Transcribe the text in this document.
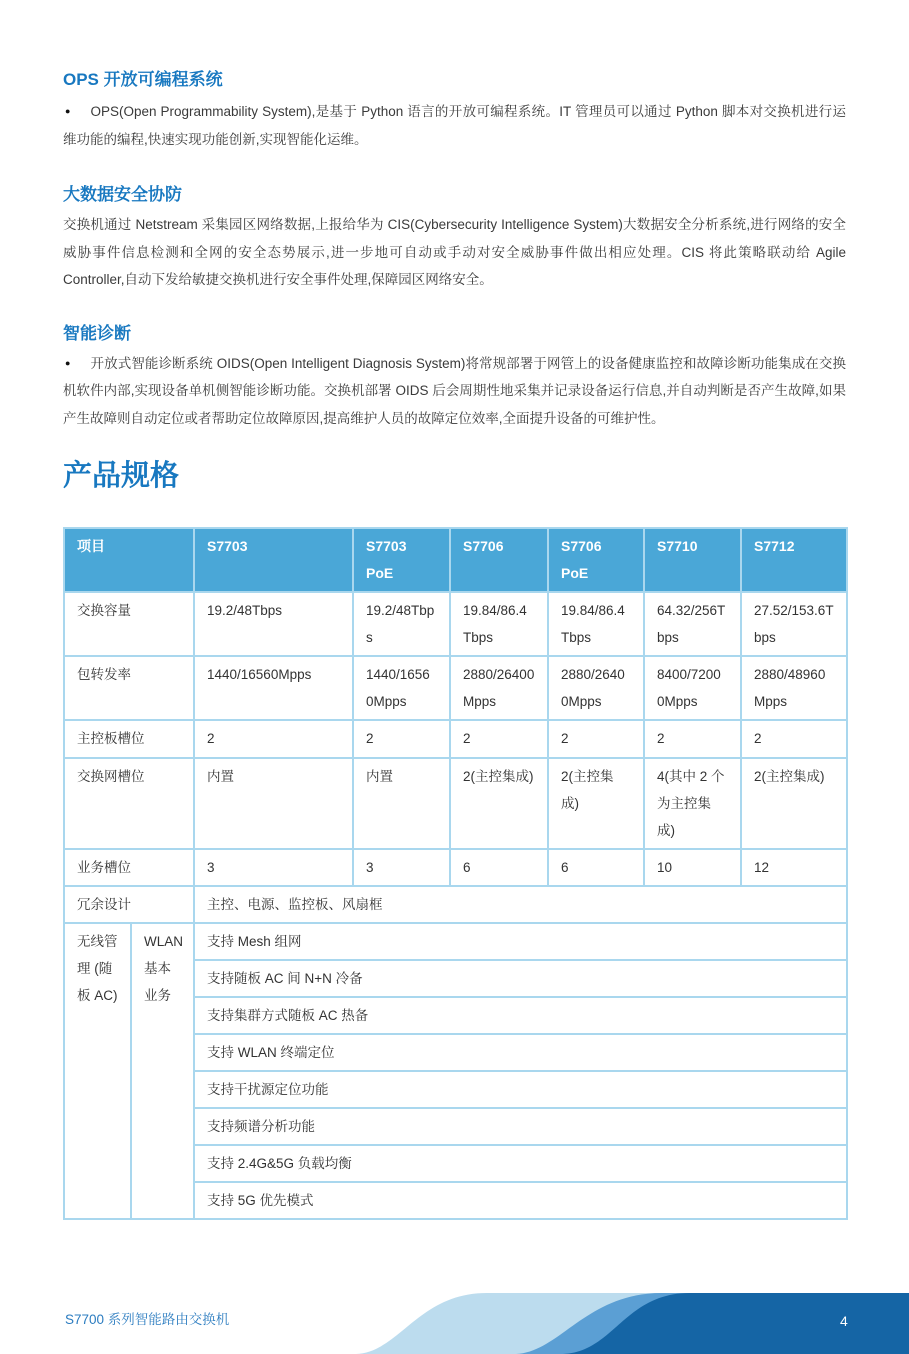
OPS 开放可编程系统

● OPS(Open Programmability System),是基于 Python 语言的开放可编程系统。IT 管理员可以通过 Python 脚本对交换机进行运维功能的编程,快速实现功能创新,实现智能化运维。

大数据安全协防

交换机通过 Netstream 采集园区网络数据,上报给华为 CIS(Cybersecurity Intelligence System)大数据安全分析系统,进行网络的安全威胁事件信息检测和全网的安全态势展示,进一步地可自动或手动对安全威胁事件做出相应处理。CIS 将此策略联动给 Agile Controller,自动下发给敏捷交换机进行安全事件处理,保障园区网络安全。

智能诊断

● 开放式智能诊断系统 OIDS(Open Intelligent Diagnosis System)将常规部署于网管上的设备健康监控和故障诊断功能集成在交换机软件内部,实现设备单机侧智能诊断功能。交换机部署 OIDS 后会周期性地采集并记录设备运行信息,并自动判断是否产生故障,如果产生故障则自动定位或者帮助定位故障原因,提高维护人员的故障定位效率,全面提升设备的可维护性。

产品规格
项目		S7703	S7703 PoE	S7706	S7706 PoE	S7710	S7712
交换容量		19.2/48Tbps	19.2/48Tbps	19.84/86.4Tbps	19.84/86.4Tbps	64.32/256Tbps	27.52/153.6Tbps
包转发率		1440/16560Mpps	1440/16560Mpps	2880/26400Mpps	2880/26400Mpps	8400/72000Mpps	2880/48960Mpps
主控板槽位		2	2	2	2	2	2
交换网槽位		内置	内置	2(主控集成)	2(主控集成)	4(其中 2 个为主控集成)	2(主控集成)
业务槽位		3	3	6	6	10	12
冗余设计		主控、电源、监控板、风扇框					
无线管理 (随板 AC)	WLAN 基本业务	支持 Mesh 组网					
		支持随板 AC 间 N+N 冷备					
		支持集群方式随板 AC 热备					
		支持 WLAN 终端定位					
		支持干扰源定位功能					
		支持频谱分析功能					
		支持 2.4G&5G 负载均衡					
		支持 5G 优先模式					
S7700 系列智能路由交换机	4
